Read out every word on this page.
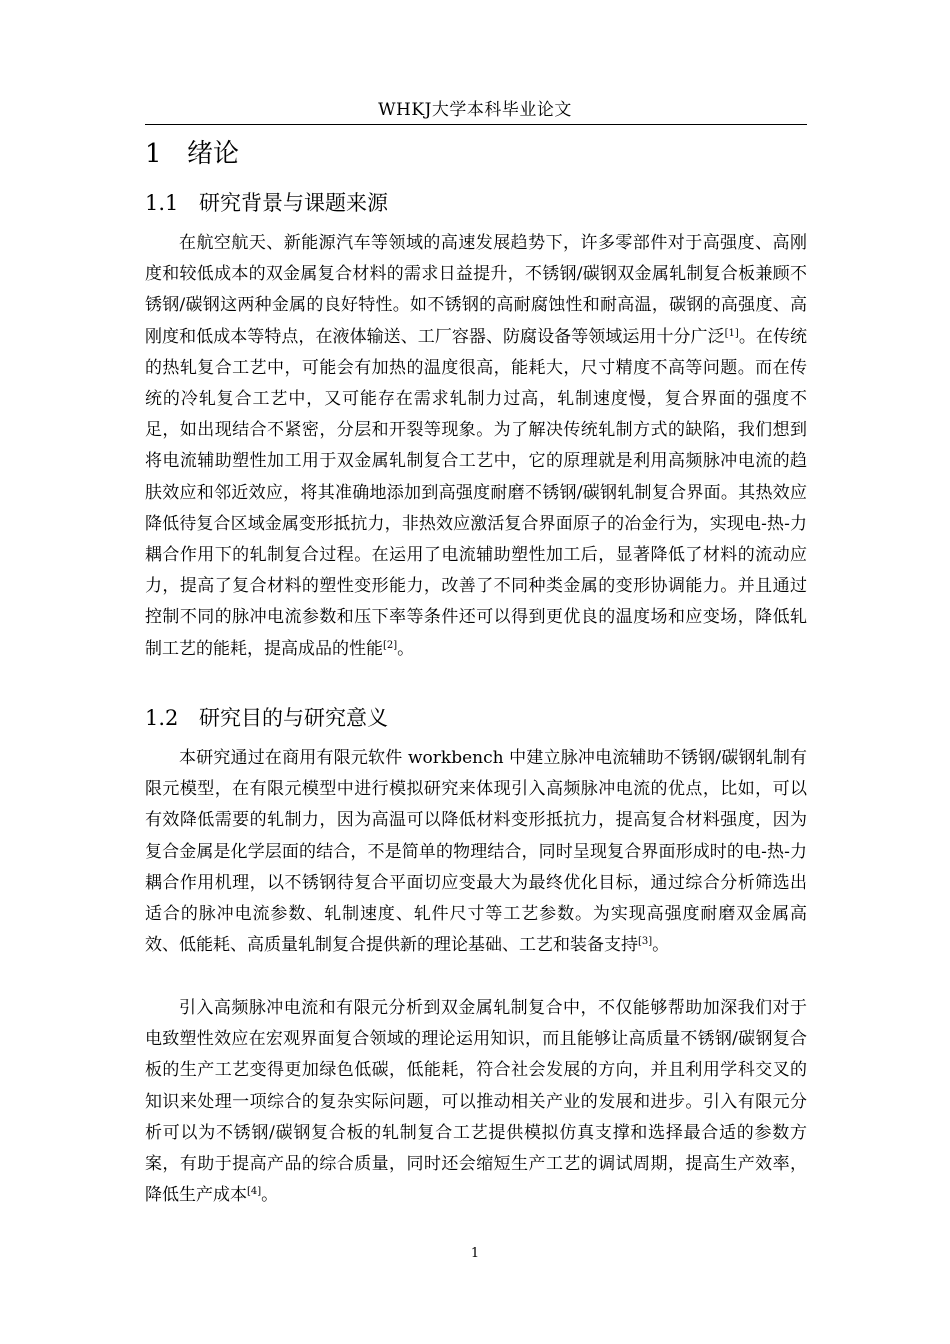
WHKJ大学本科毕业论文
1 绪论
1.1 研究背景与课题来源

在航空航天、新能源汽车等领域的高速发展趋势下，许多零部件对于高强度、高刚度和较低成本的双金属复合材料的需求日益提升，不锈钢/碳钢双金属轧制复合板兼顾不锈钢/碳钢这两种金属的良好特性。如不锈钢的高耐腐蚀性和耐高温，碳钢的高强度、高刚度和低成本等特点，在液体输送、工厂容器、防腐设备等领域运用十分广泛[1]。在传统的热轧复合工艺中，可能会有加热的温度很高，能耗大，尺寸精度不高等问题。而在传统的冷轧复合工艺中，又可能存在需求轧制力过高，轧制速度慢，复合界面的强度不足，如出现结合不紧密，分层和开裂等现象。为了解决传统轧制方式的缺陷，我们想到将电流辅助塑性加工用于双金属轧制复合工艺中，它的原理就是利用高频脉冲电流的趋肤效应和邻近效应，将其准确地添加到高强度耐磨不锈钢/碳钢轧制复合界面。其热效应降低待复合区域金属变形抵抗力，非热效应激活复合界面原子的冶金行为，实现电-热-力耦合作用下的轧制复合过程。在运用了电流辅助塑性加工后，显著降低了材料的流动应力，提高了复合材料的塑性变形能力，改善了不同种类金属的变形协调能力。并且通过控制不同的脉冲电流参数和压下率等条件还可以得到更优良的温度场和应变场，降低轧制工艺的能耗，提高成品的性能[2]。

1.2 研究目的与研究意义

本研究通过在商用有限元软件 workbench 中建立脉冲电流辅助不锈钢/碳钢轧制有限元模型，在有限元模型中进行模拟研究来体现引入高频脉冲电流的优点，比如，可以有效降低需要的轧制力，因为高温可以降低材料变形抵抗力，提高复合材料强度，因为复合金属是化学层面的结合，不是简单的物理结合，同时呈现复合界面形成时的电-热-力耦合作用机理，以不锈钢待复合平面切应变最大为最终优化目标，通过综合分析筛选出适合的脉冲电流参数、轧制速度、轧件尺寸等工艺参数。为实现高强度耐磨双金属高效、低能耗、高质量轧制复合提供新的理论基础、工艺和装备支持[3]。

引入高频脉冲电流和有限元分析到双金属轧制复合中，不仅能够帮助加深我们对于电致塑性效应在宏观界面复合领域的理论运用知识，而且能够让高质量不锈钢/碳钢复合板的生产工艺变得更加绿色低碳，低能耗，符合社会发展的方向，并且利用学科交叉的知识来处理一项综合的复杂实际问题，可以推动相关产业的发展和进步。引入有限元分析可以为不锈钢/碳钢复合板的轧制复合工艺提供模拟仿真支撑和选择最合适的参数方案，有助于提高产品的综合质量，同时还会缩短生产工艺的调试周期，提高生产效率，降低生产成本[4]。

1
